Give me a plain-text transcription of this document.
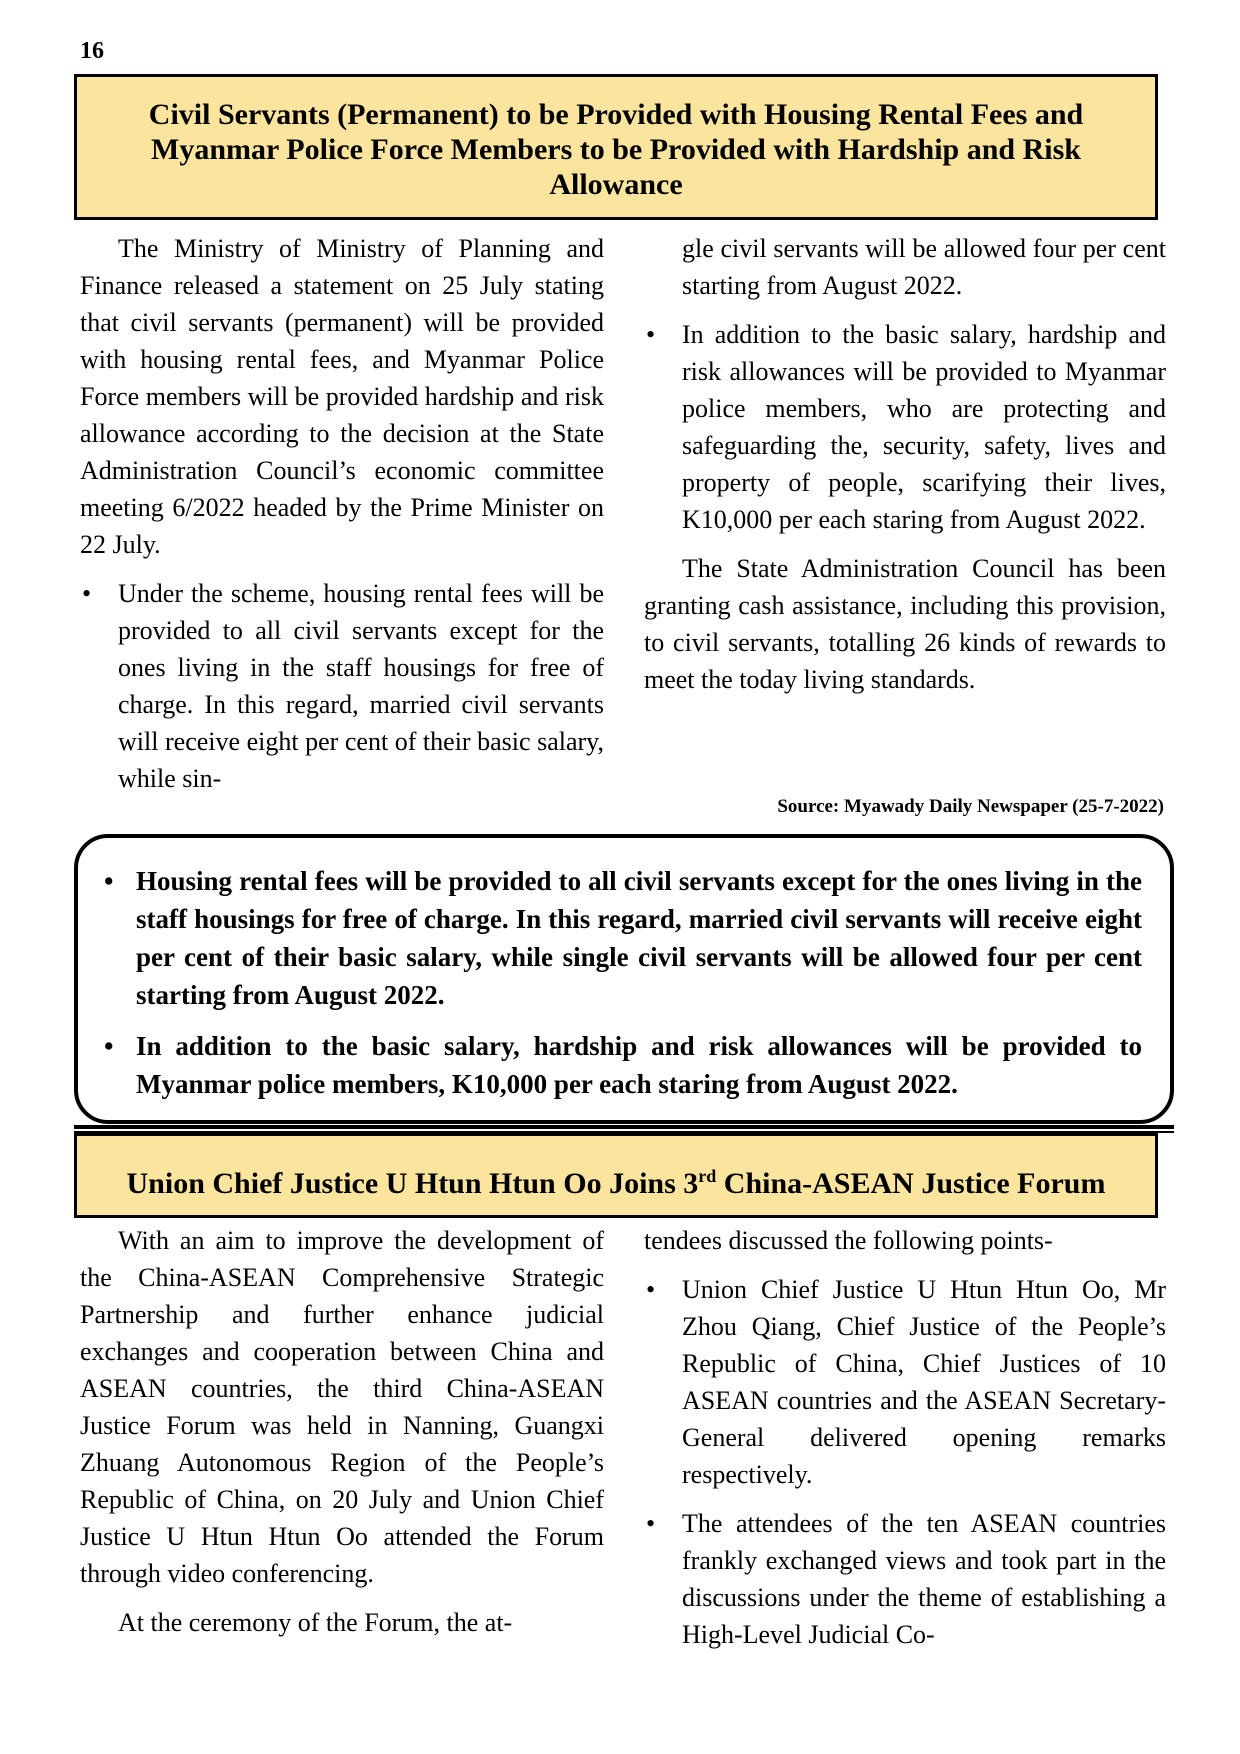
16
Civil Servants (Permanent) to be Provided with Housing Rental Fees and Myanmar Police Force Members to be Provided with Hardship and Risk Allowance

The Ministry of Ministry of Planning and Finance released a statement on 25 July stating that civil servants (permanent) will be provided with housing rental fees, and Myanmar Police Force members will be provided hardship and risk allowance according to the decision at the State Administration Council’s economic committee meeting 6/2022 headed by the Prime Minister on 22 July.

• Under the scheme, housing rental fees will be provided to all civil servants except for the ones living in the staff housings for free of charge. In this regard, married civil servants will receive eight per cent of their basic salary, while sin-

gle civil servants will be allowed four per cent starting from August 2022.

• In addition to the basic salary, hardship and risk allowances will be provided to Myanmar police members, who are protecting and safeguarding the, security, safety, lives and property of people, scarifying their lives, K10,000 per each staring from August 2022.

The State Administration Council has been granting cash assistance, including this provision, to civil servants, totalling 26 kinds of rewards to meet the today living standards.

Source: Myawady Daily Newspaper (25-7-2022)
• Housing rental fees will be provided to all civil servants except for the ones living in the staff housings for free of charge. In this regard, married civil servants will receive eight per cent of their basic salary, while single civil servants will be allowed four per cent starting from August 2022.
• In addition to the basic salary, hardship and risk allowances will be provided to Myanmar police members, K10,000 per each staring from August 2022.
Union Chief Justice U Htun Htun Oo Joins 3rd China-ASEAN Justice Forum

With an aim to improve the development of the China-ASEAN Comprehensive Strategic Partnership and further enhance judicial exchanges and cooperation between China and ASEAN countries, the third China-ASEAN Justice Forum was held in Nanning, Guangxi Zhuang Autonomous Region of the People’s Republic of China, on 20 July and Union Chief Justice U Htun Htun Oo attended the Forum through video conferencing.

At the ceremony of the Forum, the at-

tendees discussed the following points-

• Union Chief Justice U Htun Htun Oo, Mr Zhou Qiang, Chief Justice of the People’s Republic of China, Chief Justices of 10 ASEAN countries and the ASEAN Secretary-General delivered opening remarks respectively.
• The attendees of the ten ASEAN countries frankly exchanged views and took part in the discussions under the theme of establishing a High-Level Judicial Co-
